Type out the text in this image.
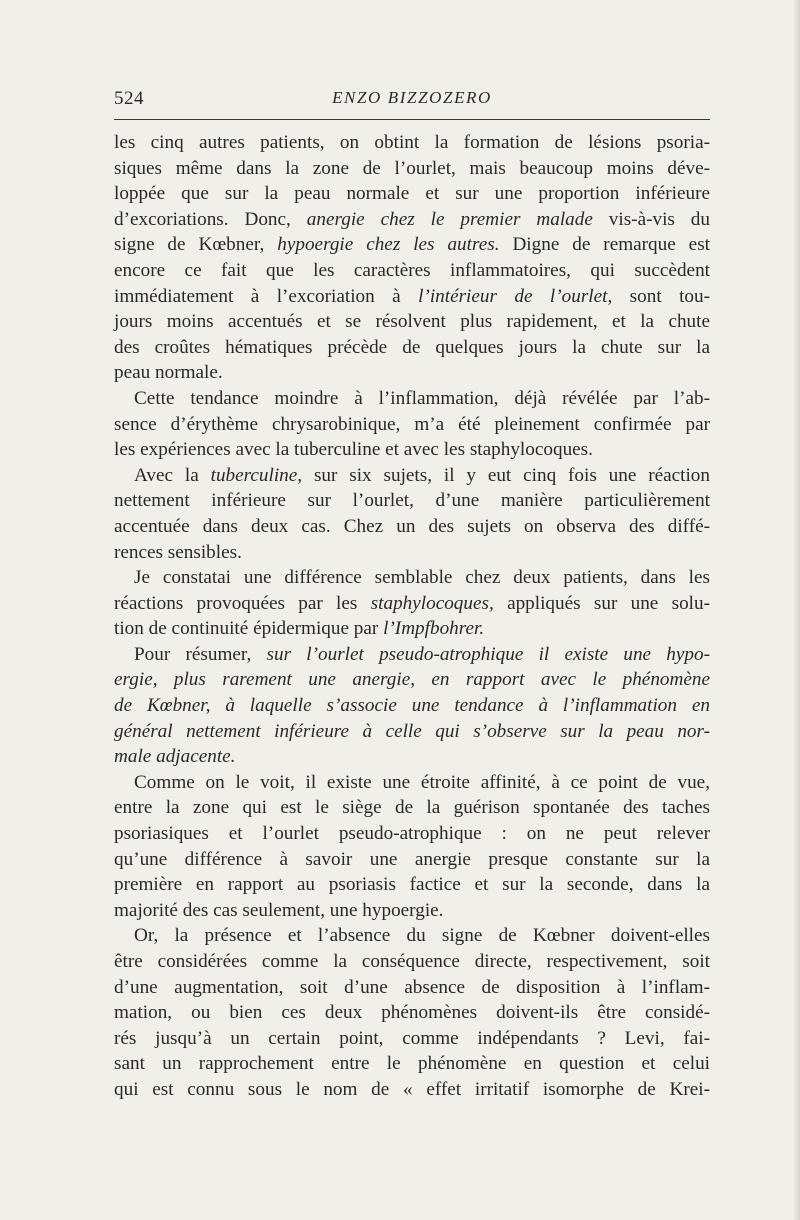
524	ENZO BIZZOZERO
les cinq autres patients, on obtint la formation de lésions psoria-
siques même dans la zone de l’ourlet, mais beaucoup moins déve-
loppée que sur la peau normale et sur une proportion inférieure
d’excoriations. Donc, anergie chez le premier malade vis-à-vis du
signe de Kœbner, hypoergie chez les autres. Digne de remarque est
encore ce fait que les caractères inflammatoires, qui succèdent
immédiatement à l’excoriation à l’intérieur de l’ourlet, sont tou-
jours moins accentués et se résolvent plus rapidement, et la chute
des croûtes hématiques précède de quelques jours la chute sur la
peau normale.
Cette tendance moindre à l’inflammation, déjà révélée par l’ab-
sence d’érythème chrysarobinique, m’a été pleinement confirmée par
les expériences avec la tuberculine et avec les staphylocoques.
Avec la tuberculine, sur six sujets, il y eut cinq fois une réaction
nettement inférieure sur l’ourlet, d’une manière particulièrement
accentuée dans deux cas. Chez un des sujets on observa des diffé-
rences sensibles.
Je constatai une différence semblable chez deux patients, dans les
réactions provoquées par les staphylocoques, appliqués sur une solu-
tion de continuité épidermique par l’Impfbohrer.
Pour résumer, sur l’ourlet pseudo-atrophique il existe une hypo-
ergie, plus rarement une anergie, en rapport avec le phénomène
de Kœbner, à laquelle s’associe une tendance à l’inflammation en
général nettement inférieure à celle qui s’observe sur la peau nor-
male adjacente.
Comme on le voit, il existe une étroite affinité, à ce point de vue,
entre la zone qui est le siège de la guérison spontanée des taches
psoriasiques et l’ourlet pseudo-atrophique : on ne peut relever
qu’une différence à savoir une anergie presque constante sur la
première en rapport au psoriasis factice et sur la seconde, dans la
majorité des cas seulement, une hypoergie.
Or, la présence et l’absence du signe de Kœbner doivent-elles
être considérées comme la conséquence directe, respectivement, soit
d’une augmentation, soit d’une absence de disposition à l’inflam-
mation, ou bien ces deux phénomènes doivent-ils être considé-
rés jusqu’à un certain point, comme indépendants ? Levi, fai-
sant un rapprochement entre le phénomène en question et celui
qui est connu sous le nom de « effet irritatif isomorphe de Krei-
